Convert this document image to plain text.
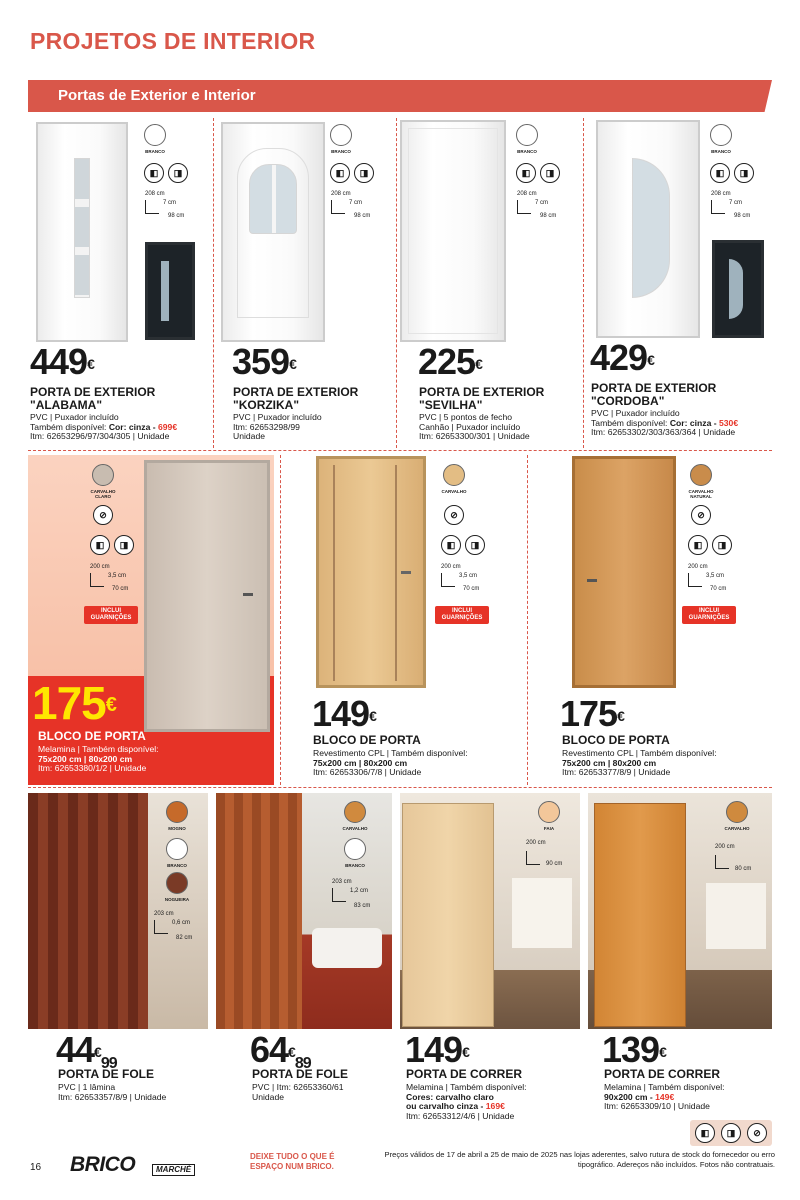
PROJETOS DE INTERIOR
Portas de Exterior e Interior
BRANCO
◧	◨
208 cm
7 cm
98 cm
449€
PORTA DE EXTERIOR
"ALABAMA"
PVC | Puxador incluído
Também disponível: Cor: cinza - 699€
Itm: 62653296/97/304/305 | Unidade
BRANCO
◧	◨
208 cm
7 cm
98 cm
359€
PORTA DE EXTERIOR
"KORZIKA"
PVC | Puxador incluído
Itm: 62653298/99
Unidade
BRANCO
◧	◨
208 cm
7 cm
98 cm
225€
PORTA DE EXTERIOR
"SEVILHA"
PVC | 5 pontos de fecho
Canhão | Puxador incluído
Itm: 62653300/301 | Unidade
BRANCO
◧	◨
208 cm
7 cm
98 cm
429€
PORTA DE EXTERIOR
"CORDOBA"
PVC | Puxador incluído
Também disponível: Cor: cinza - 530€
Itm: 62653302/303/363/364 | Unidade
CARVALHO CLARO
⊘
◧	◨
200 cm
3,5 cm
70 cm
INCLUI GUARNIÇÕES
175€
BLOCO DE PORTA
Melamina | Também disponível:
75x200 cm | 80x200 cm
Itm: 62653380/1/2 | Unidade
CARVALHO
⊘
◧	◨
200 cm
3,5 cm
70 cm
INCLUI GUARNIÇÕES
149€
BLOCO DE PORTA
Revestimento CPL | Também disponível:
75x200 cm | 80x200 cm
Itm: 62653306/7/8 | Unidade
CARVALHO NATURAL
⊘
◧	◨
200 cm
3,5 cm
70 cm
INCLUI GUARNIÇÕES
175€
BLOCO DE PORTA
Revestimento CPL | Também disponível:
75x200 cm | 80x200 cm
Itm: 62653377/8/9 | Unidade
MOGNO
BRANCO
NOGUEIRA
203 cm
0,6 cm
82 cm
44€99
PORTA DE FOLE
PVC | 1 lâmina
Itm: 62653357/8/9 | Unidade
CARVALHO
BRANCO
203 cm
1,2 cm
83 cm
64€89
PORTA DE FOLE
PVC | Itm: 62653360/61
Unidade
FAIA
200 cm
90 cm
149€
PORTA DE CORRER
Melamina | Também disponível:
Cores: carvalho claro
ou carvalho cinza - 169€
Itm: 62653312/4/6 | Unidade
CARVALHO
200 cm
80 cm
139€
PORTA DE CORRER
Melamina | Também disponível:
90x200 cm - 149€
Itm: 62653309/10 | Unidade
◧	◨	⊘
16 BRICO	MARCHÉ
DEIXE TUDO O QUE É
ESPAÇO NUM BRICO.
Preços válidos de 17 de abril a 25 de maio de 2025 nas lojas aderentes, salvo rutura de stock do fornecedor ou erro tipográfico. Adereços não incluídos. Fotos não contratuais.
